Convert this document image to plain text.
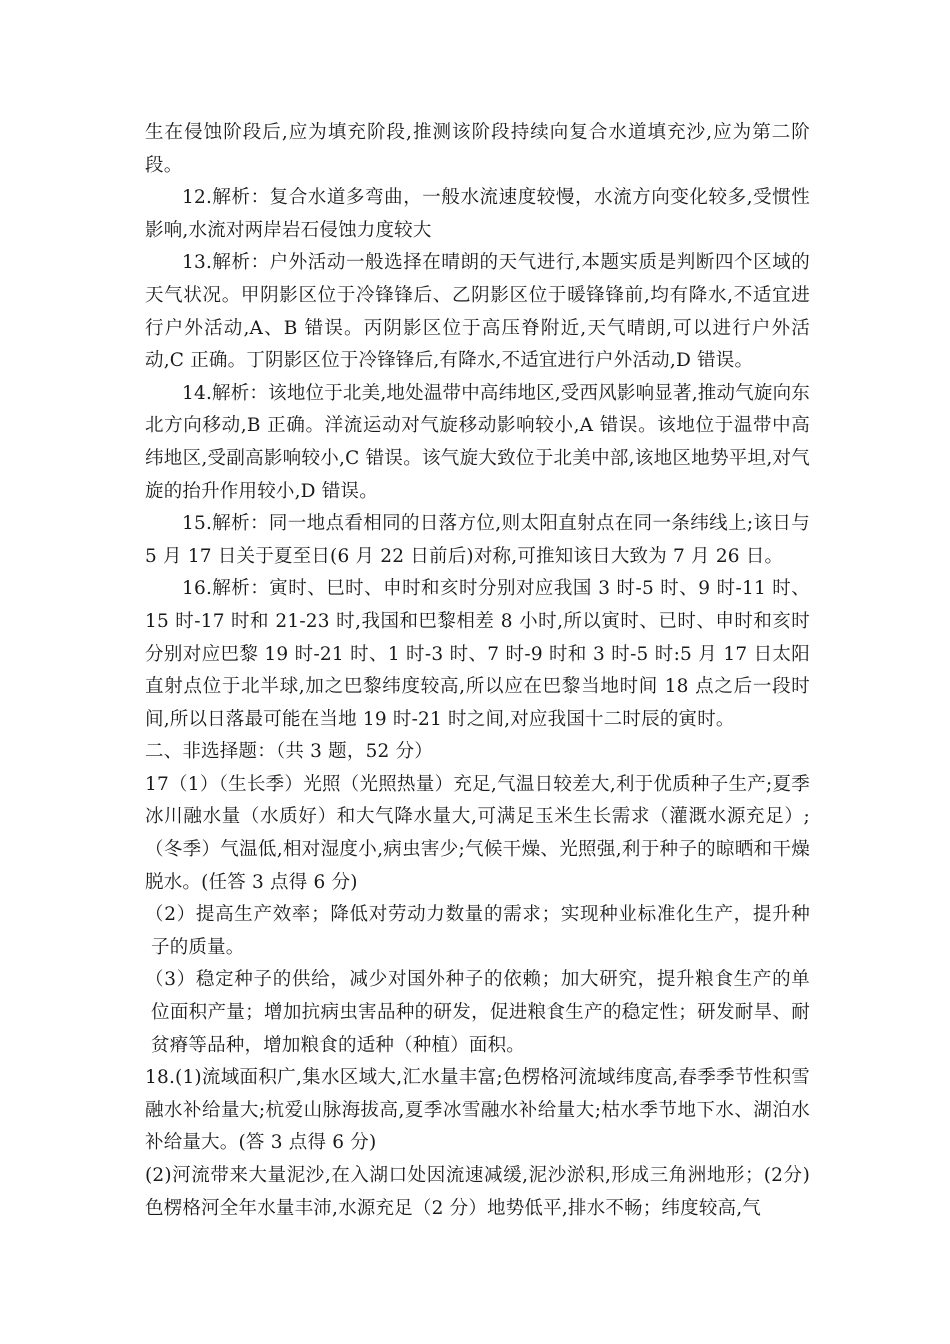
生在侵蚀阶段后,应为填充阶段,推测该阶段持续向复合水道填充沙,应为第二阶段。

12.解析：复合水道多弯曲，一般水流速度较慢，水流方向变化较多,受惯性影响,水流对两岸岩石侵蚀力度较大

13.解析：户外活动一般选择在晴朗的天气进行,本题实质是判断四个区域的天气状况。甲阴影区位于冷锋锋后、乙阴影区位于暖锋锋前,均有降水,不适宜进行户外活动,A、B 错误。丙阴影区位于高压脊附近,天气晴朗,可以进行户外活动,C 正确。丁阴影区位于冷锋锋后,有降水,不适宜进行户外活动,D 错误。

14.解析：该地位于北美,地处温带中高纬地区,受西风影响显著,推动气旋向东北方向移动,B 正确。洋流运动对气旋移动影响较小,A 错误。该地位于温带中高纬地区,受副高影响较小,C 错误。该气旋大致位于北美中部,该地区地势平坦,对气旋的抬升作用较小,D 错误。

15.解析：同一地点看相同的日落方位,则太阳直射点在同一条纬线上;该日与 5 月 17 日关于夏至日(6 月 22 日前后)对称,可推知该日大致为 7 月 26 日。

16.解析：寅时、巳时、申时和亥时分别对应我国 3 时-5 时、9 时-11 时、15 时-17 时和 21-23 时,我国和巴黎相差 8 小时,所以寅时、已时、申时和亥时分别对应巴黎 19 时-21 时、1 时-3 时、7 时-9 时和 3 时-5 时:5 月 17 日太阳直射点位于北半球,加之巴黎纬度较高,所以应在巴黎当地时间 18 点之后一段时间,所以日落最可能在当地 19 时-21 时之间,对应我国十二时辰的寅时。

二、非选择题：（共 3 题，52 分）

17（1）（生长季）光照（光照热量）充足,气温日较差大,利于优质种子生产;夏季冰川融水量（水质好）和大气降水量大,可满足玉米生长需求（灌溉水源充足）;（冬季）气温低,相对湿度小,病虫害少;气候干燥、光照强,利于种子的晾晒和干燥脱水。(任答 3 点得 6 分)

（2）提高生产效率；降低对劳动力数量的需求；实现种业标准化生产，提升种子的质量。

（3）稳定种子的供给，减少对国外种子的依赖；加大研究，提升粮食生产的单位面积产量；增加抗病虫害品种的研发，促进粮食生产的稳定性；研发耐旱、耐贫瘠等品种，增加粮食的适种（种植）面积。

18.(1)流域面积广,集水区域大,汇水量丰富;色楞格河流域纬度高,春季季节性积雪融水补给量大;杭爱山脉海拔高,夏季冰雪融水补给量大;枯水季节地下水、湖泊水补给量大。(答 3 点得 6 分)

(2)河流带来大量泥沙,在入湖口处因流速减缓,泥沙淤积,形成三角洲地形；(2分)色楞格河全年水量丰沛,水源充足（2 分）地势低平,排水不畅；纬度较高,气
